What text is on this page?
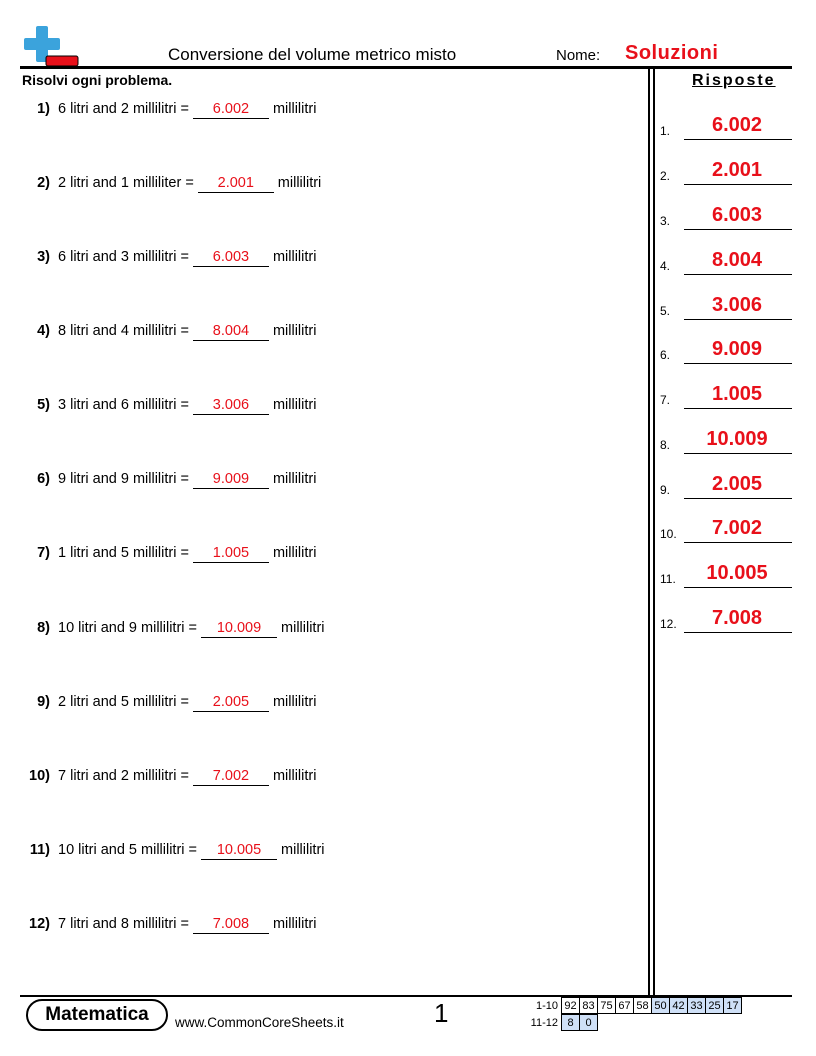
Conversione del volume metrico misto	Nome: Soluzioni
Risolvi ogni problema.
1) 6 litri and 2 millilitri = 6.002 millilitri
2) 2 litri and 1 milliliter = 2.001 millilitri
3) 6 litri and 3 millilitri = 6.003 millilitri
4) 8 litri and 4 millilitri = 8.004 millilitri
5) 3 litri and 6 millilitri = 3.006 millilitri
6) 9 litri and 9 millilitri = 9.009 millilitri
7) 1 litri and 5 millilitri = 1.005 millilitri
8) 10 litri and 9 millilitri = 10.009 millilitri
9) 2 litri and 5 millilitri = 2.005 millilitri
10) 7 litri and 2 millilitri = 7.002 millilitri
11) 10 litri and 5 millilitri = 10.005 millilitri
12) 7 litri and 8 millilitri = 7.008 millilitri
Risposte
1.	6.002
2.	2.001
3.	6.003
4.	8.004
5.	3.006
6.	9.009
7.	1.005
8.	10.009
9.	2.005
10.	7.002
11.	10.005
12.	7.008
Matematica	www.CommonCoreSheets.it	1	1-10	92	83	75	67	58	50	42	33	25	17
11-12	8	0
